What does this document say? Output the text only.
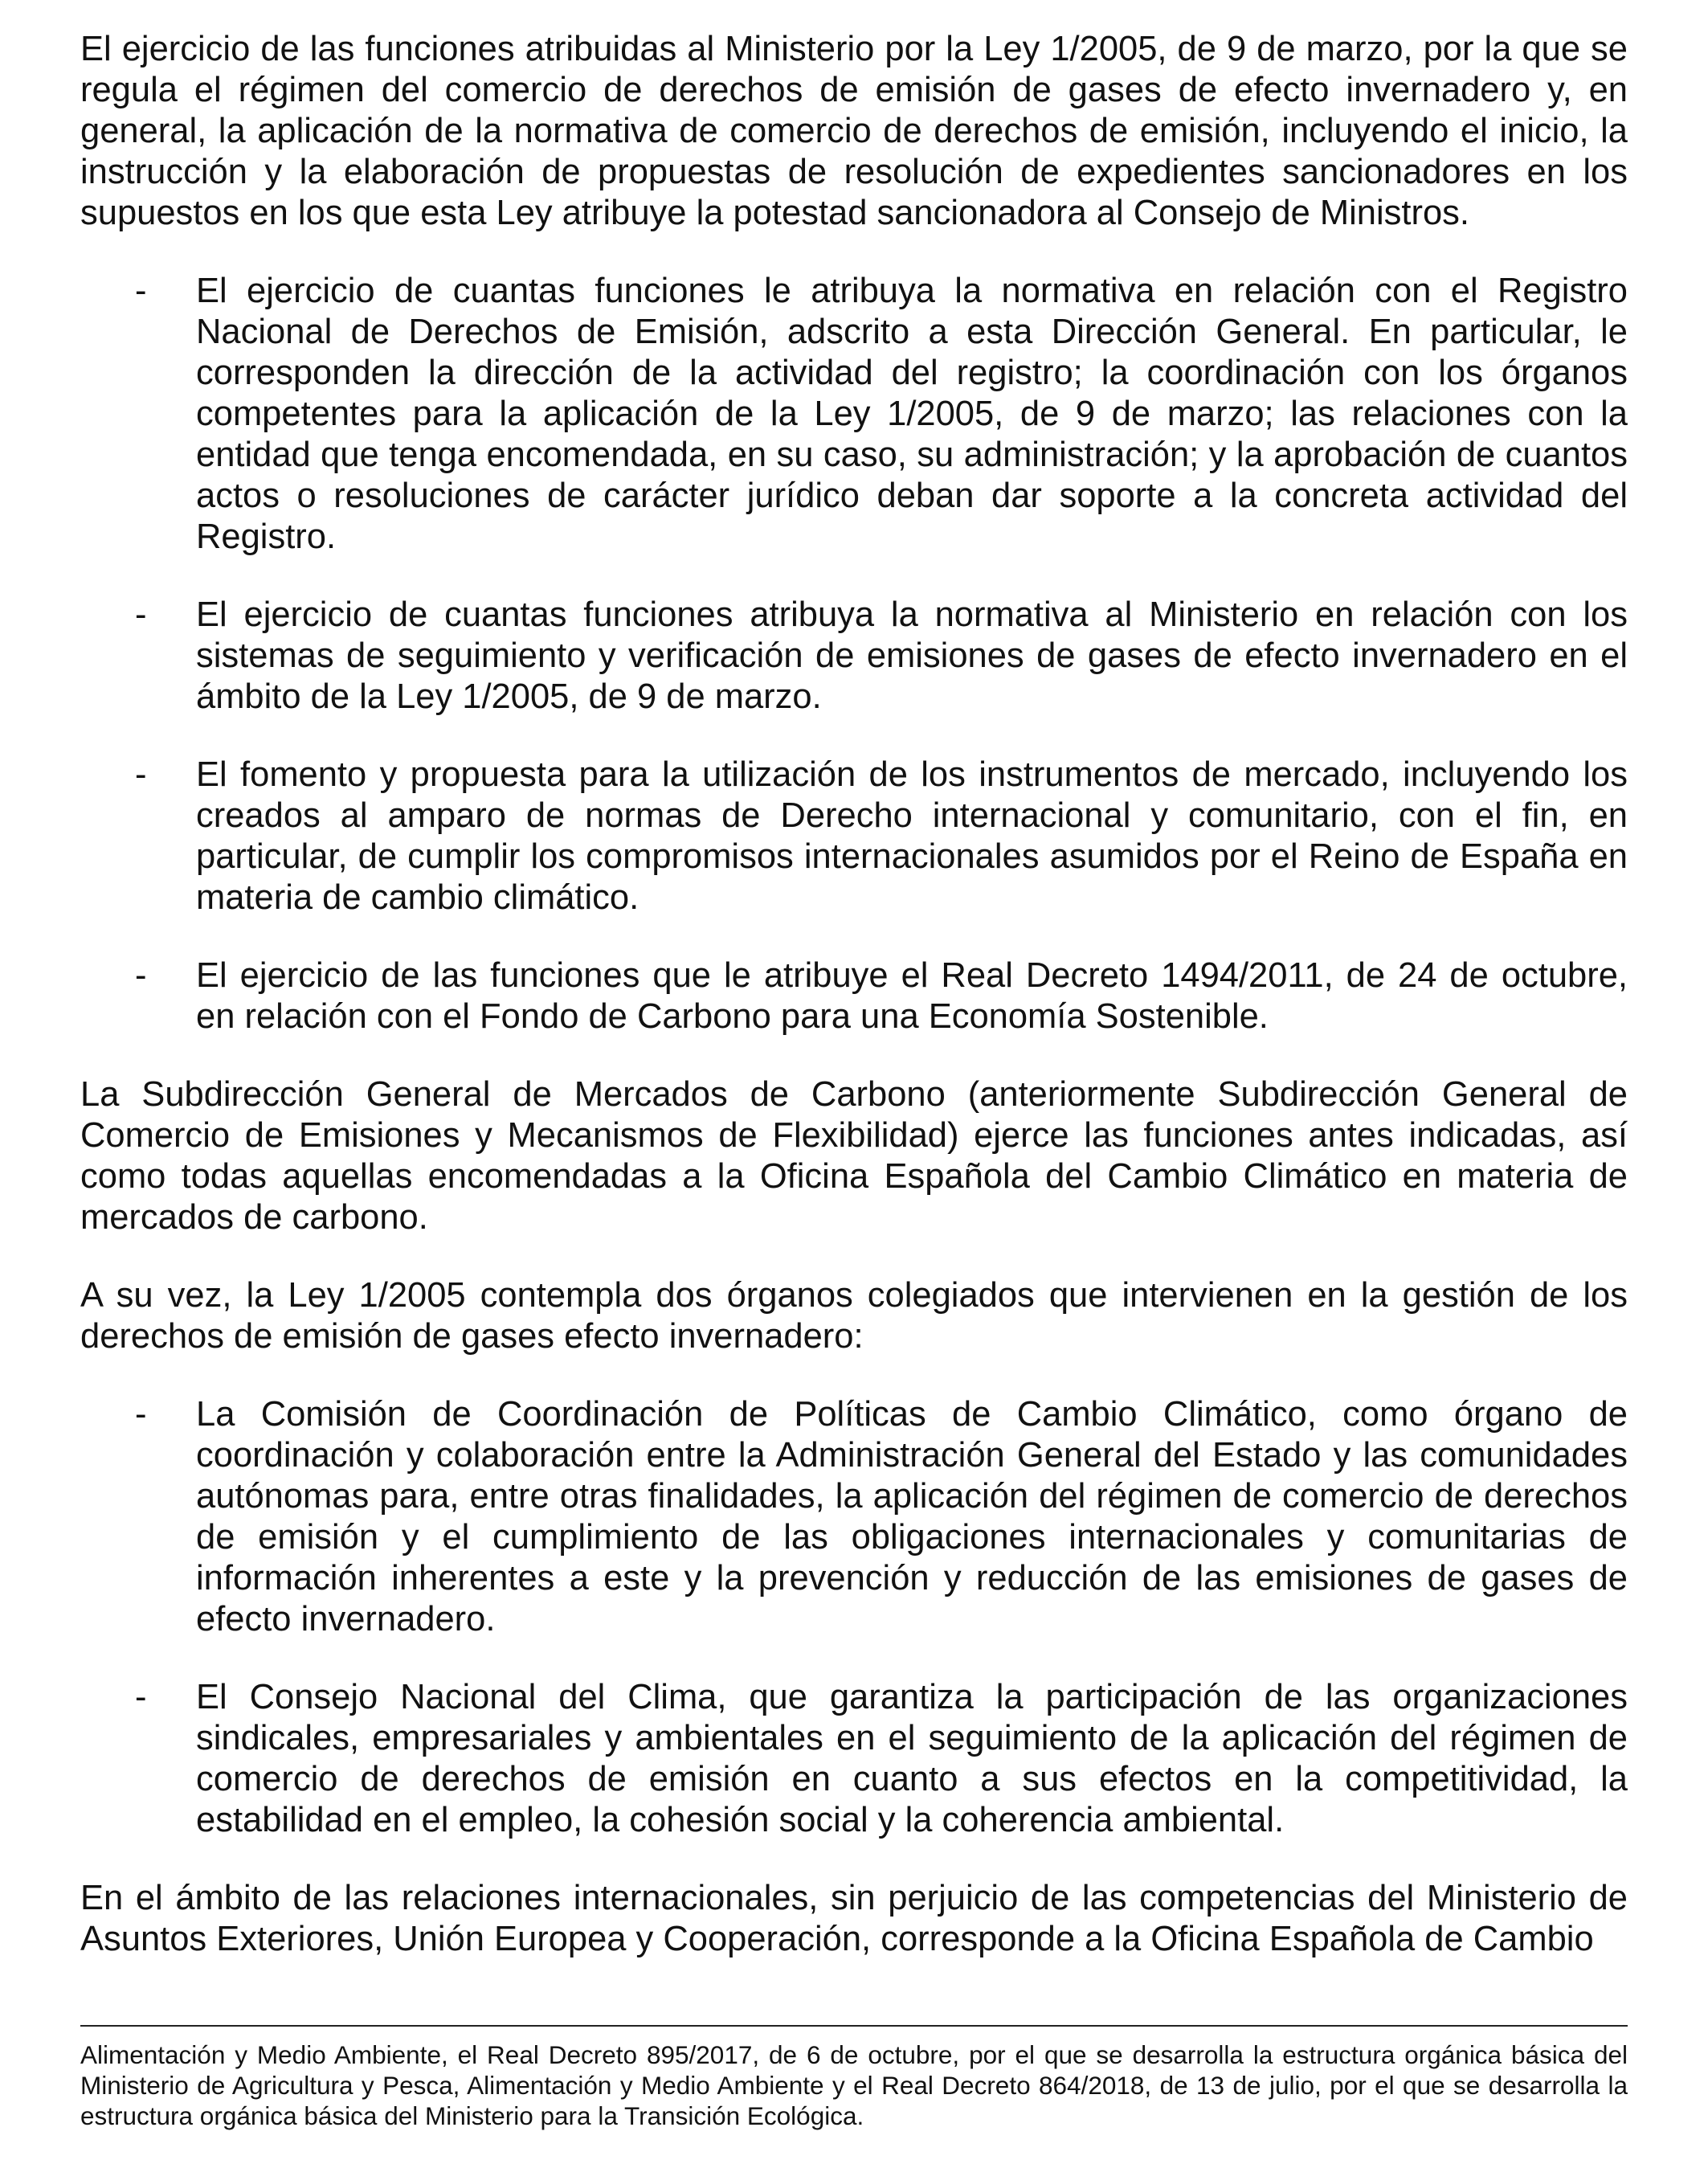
El ejercicio de las funciones atribuidas al Ministerio por la Ley 1/2005, de 9 de marzo, por la que se regula el régimen del comercio de derechos de emisión de gases de efecto invernadero y, en general, la aplicación de la normativa de comercio de derechos de emisión, incluyendo el inicio, la instrucción y la elaboración de propuestas de resolución de expedientes sancionadores en los supuestos en los que esta Ley atribuye la potestad sancionadora al Consejo de Ministros.

- El ejercicio de cuantas funciones le atribuya la normativa en relación con el Registro Nacional de Derechos de Emisión, adscrito a esta Dirección General. En particular, le corresponden la dirección de la actividad del registro; la coordinación con los órganos competentes para la aplicación de la Ley 1/2005, de 9 de marzo; las relaciones con la entidad que tenga encomendada, en su caso, su administración; y la aprobación de cuantos actos o resoluciones de carácter jurídico deban dar soporte a la concreta actividad del Registro.
- El ejercicio de cuantas funciones atribuya la normativa al Ministerio en relación con los sistemas de seguimiento y verificación de emisiones de gases de efecto invernadero en el ámbito de la Ley 1/2005, de 9 de marzo.
- El fomento y propuesta para la utilización de los instrumentos de mercado, incluyendo los creados al amparo de normas de Derecho internacional y comunitario, con el fin, en particular, de cumplir los compromisos internacionales asumidos por el Reino de España en materia de cambio climático.
- El ejercicio de las funciones que le atribuye el Real Decreto 1494/2011, de 24 de octubre, en relación con el Fondo de Carbono para una Economía Sostenible.

La Subdirección General de Mercados de Carbono (anteriormente Subdirección General de Comercio de Emisiones y Mecanismos de Flexibilidad) ejerce las funciones antes indicadas, así como todas aquellas encomendadas a la Oficina Española del Cambio Climático en materia de mercados de carbono.

A su vez, la Ley 1/2005 contempla dos órganos colegiados que intervienen en la gestión de los derechos de emisión de gases efecto invernadero:

- La Comisión de Coordinación de Políticas de Cambio Climático, como órgano de coordinación y colaboración entre la Administración General del Estado y las comunidades autónomas para, entre otras finalidades, la aplicación del régimen de comercio de derechos de emisión y el cumplimiento de las obligaciones internacionales y comunitarias de información inherentes a este y la prevención y reducción de las emisiones de gases de efecto invernadero.
- El Consejo Nacional del Clima, que garantiza la participación de las organizaciones sindicales, empresariales y ambientales en el seguimiento de la aplicación del régimen de comercio de derechos de emisión en cuanto a sus efectos en la competitividad, la estabilidad en el empleo, la cohesión social y la coherencia ambiental.

En el ámbito de las relaciones internacionales, sin perjuicio de las competencias del Ministerio de Asuntos Exteriores, Unión Europea y Cooperación, corresponde a la Oficina Española de Cambio

Alimentación y Medio Ambiente, el Real Decreto 895/2017, de 6 de octubre, por el que se desarrolla la estructura orgánica básica del Ministerio de Agricultura y Pesca, Alimentación y Medio Ambiente y el Real Decreto 864/2018, de 13 de julio, por el que se desarrolla la estructura orgánica básica del Ministerio para la Transición Ecológica.
